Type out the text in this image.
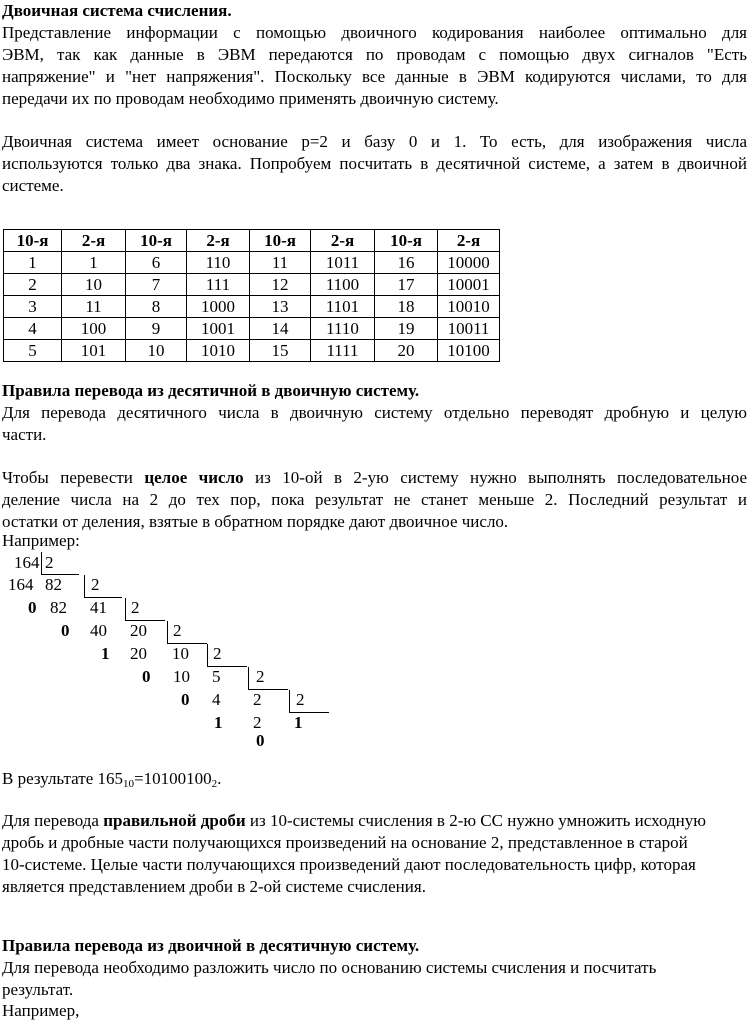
Двоичная система счисления.
Представление информации с помощью двоичного кодирования наиболее оптимально для
ЭВМ, так как данные в ЭВМ передаются по проводам с помощью двух сигналов "Есть
напряжение" и "нет напряжения". Поскольку все данные в ЭВМ кодируются числами, то для
передачи их по проводам необходимо применять двоичную систему.
Двоичная система имеет основание p=2 и базу 0 и 1. То есть, для изображения числа
используются только два знака. Попробуем посчитать в десятичной системе, а затем в двоичной
системе.
10-я	2-я	10-я	2-я	10-я	2-я	10-я	2-я
1	1	6	110	11	1011	16	10000
2	10	7	111	12	1100	17	10001
3	11	8	1000	13	1101	18	10010
4	100	9	1001	14	1110	19	10011
5	101	10	1010	15	1111	20	10100
Правила перевода из десятичной в двоичную систему.
Для перевода десятичного числа в двоичную систему отдельно переводят дробную и целую
части.
Чтобы перевести целое число из 10-ой в 2-ую систему нужно выполнять последовательное
деление числа на 2 до тех пор, пока результат не станет меньше 2. Последний результат и
остатки от деления, взятые в обратном порядке дают двоичное число.
Например:
164 2
164 82
0
2
82 41
0
2
40 20
1
2
20 10
0
2
10 5
0
2
4 2
1
2
2 1
0
В результате $165_{10}=10100100_2$.
Для перевода правильной дроби из 10-системы счисления в 2-ю СС нужно умножить исходную
дробь и дробные части получающихся произведений на основание 2, представленное в старой
10-системе. Целые части получающихся произведений дают последовательность цифр, которая
является представлением дроби в 2-ой системе счисления.
Правила перевода из двоичной в десятичную систему.
Для перевода необходимо разложить число по основанию системы счисления и посчитать
результат.
Например,
